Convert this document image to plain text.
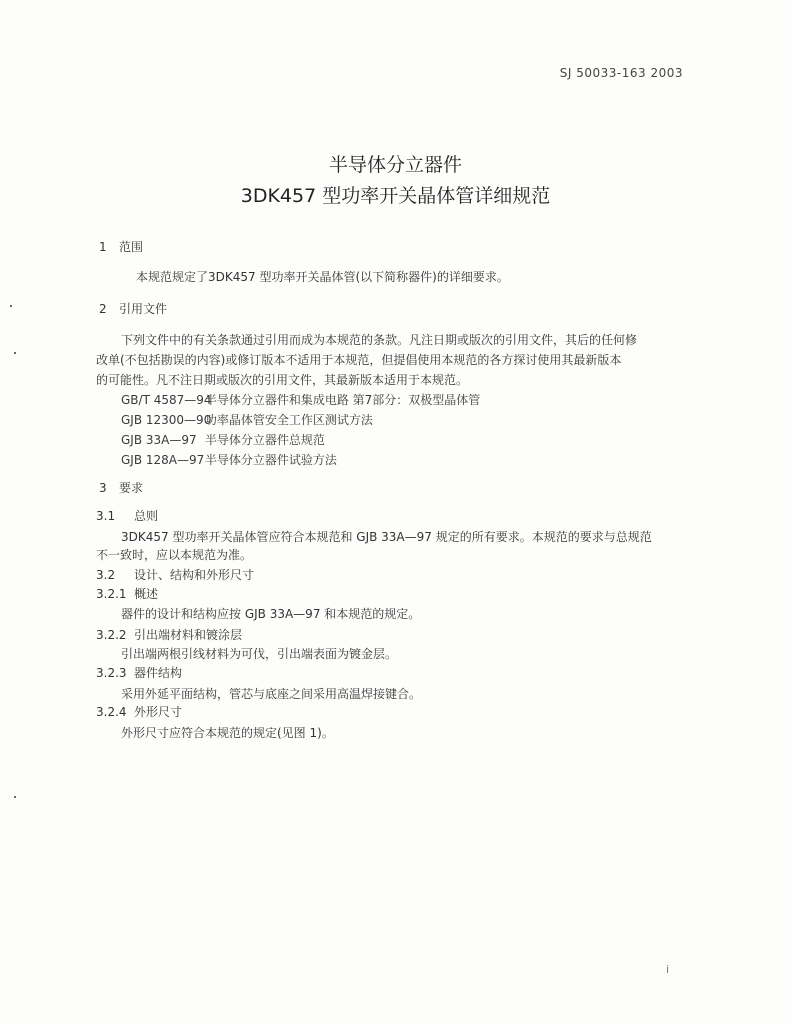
SJ 50033-163 2003
半导体分立器件
3DK457 型功率开关晶体管详细规范
1 范围
本规范规定了3DK457 型功率开关晶体管(以下简称器件)的详细要求。
2 引用文件
下列文件中的有关条款通过引用而成为本规范的条款。凡注日期或版次的引用文件，其后的任何修
改单(不包括勘误的内容)或修订版本不适用于本规范，但提倡使用本规范的各方探讨使用其最新版本
的可能性。凡不注日期或版次的引用文件，其最新版本适用于本规范。
GB/T 4587—94 半导体分立器件和集成电路 第7部分：双极型晶体管
GJB 12300—90 功率晶体管安全工作区测试方法
GJB 33A—97 半导体分立器件总规范
GJB 128A—97 半导体分立器件试验方法
3 要求
3.1 总则
3DK457 型功率开关晶体管应符合本规范和 GJB 33A—97 规定的所有要求。本规范的要求与总规范
不一致时，应以本规范为准。
3.2 设计、结构和外形尺寸
3.2.1 概述
器件的设计和结构应按 GJB 33A—97 和本规范的规定。
3.2.2 引出端材料和镀涂层
引出端两根引线材料为可伐，引出端表面为镀金层。
3.2.3 器件结构
采用外延平面结构，管芯与底座之间采用高温焊接键合。
3.2.4 外形尺寸
外形尺寸应符合本规范的规定(见图 1)。
i
